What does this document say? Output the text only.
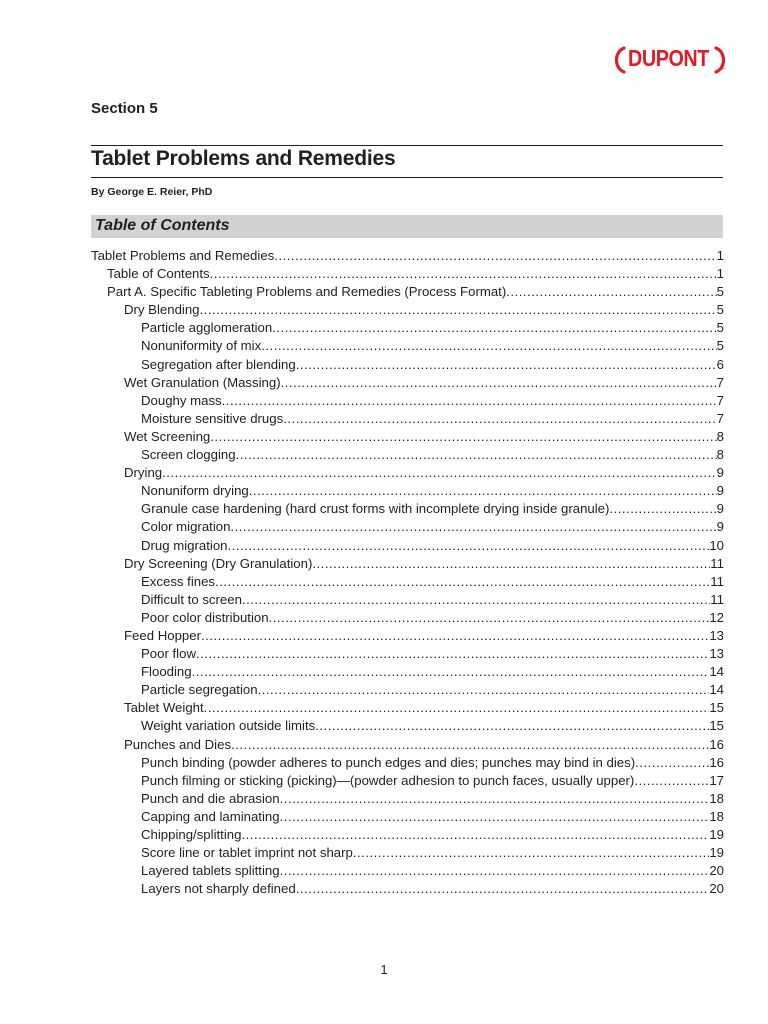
DUPONT ™
Section 5
Tablet Problems and Remedies
By George E. Reier, PhD
Table of Contents
Tablet Problems and Remedies .....	1
Table of Contents .....	1
Part A. Specific Tableting Problems and Remedies (Process Format) .....	5
Dry Blending .....	5
Particle agglomeration .....	5
Nonuniformity of mix .....	5
Segregation after blending .....	6
Wet Granulation (Massing) .....	7
Doughy mass .....	7
Moisture sensitive drugs .....	7
Wet Screening .....	8
Screen clogging .....	8
Drying .....	9
Nonuniform drying .....	9
Granule case hardening (hard crust forms with incomplete drying inside granule) .....	9
Color migration .....	9
Drug migration .....	10
Dry Screening (Dry Granulation) .....	11
Excess fines .....	11
Difficult to screen .....	11
Poor color distribution .....	12
Feed Hopper .....	13
Poor flow .....	13
Flooding .....	14
Particle segregation .....	14
Tablet Weight .....	15
Weight variation outside limits .....	15
Punches and Dies .....	16
Punch binding (powder adheres to punch edges and dies; punches may bind in dies) .....	16
Punch filming or sticking (picking)—(powder adhesion to punch faces, usually upper) .....	17
Punch and die abrasion .....	18
Capping and laminating .....	18
Chipping/splitting .....	19
Score line or tablet imprint not sharp .....	19
Layered tablets splitting .....	20
Layers not sharply defined .....	20
1
